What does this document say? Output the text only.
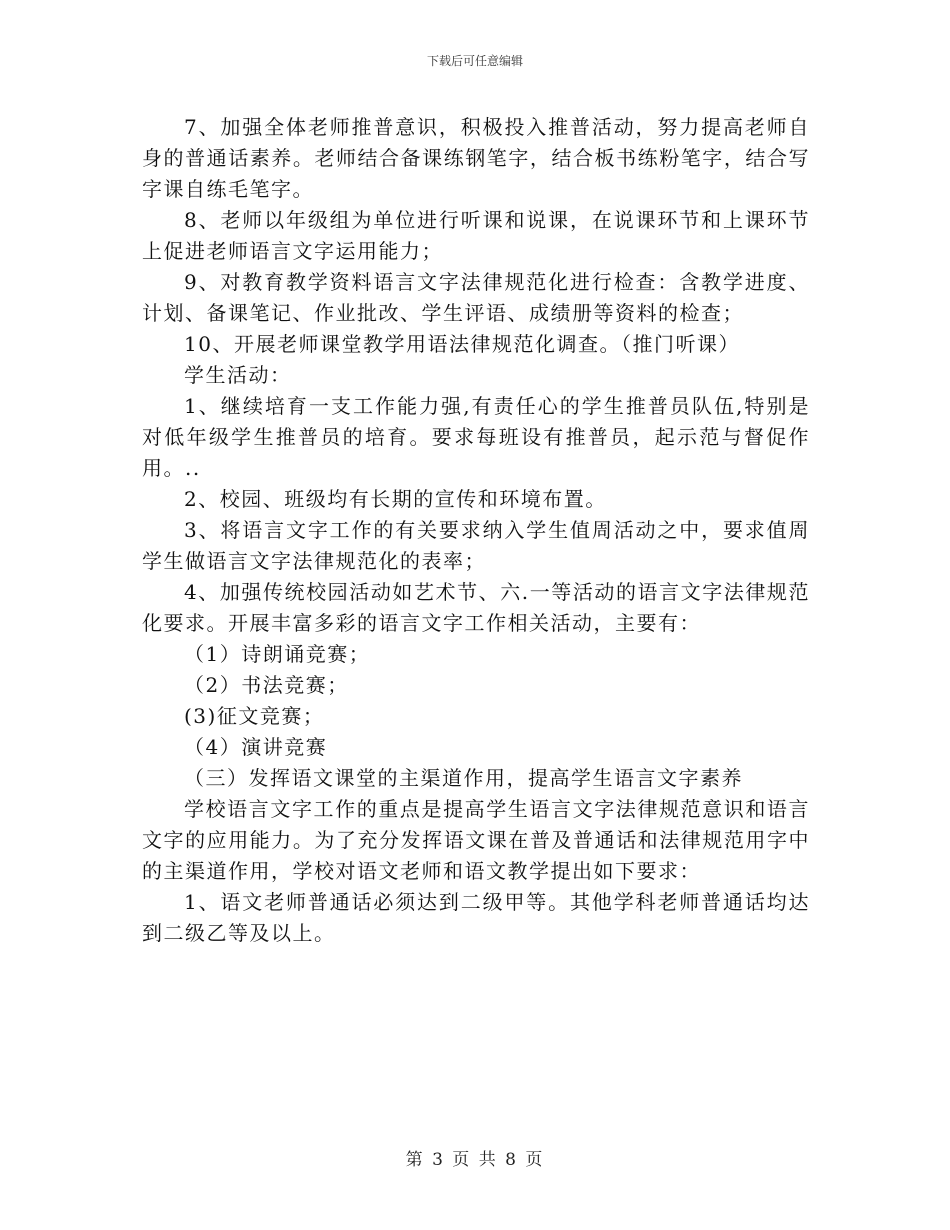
下载后可任意编辑

7、加强全体老师推普意识，积极投入推普活动，努力提高老师自身的普通话素养。老师结合备课练钢笔字，结合板书练粉笔字，结合写字课自练毛笔字。

8、老师以年级组为单位进行听课和说课，在说课环节和上课环节上促进老师语言文字运用能力；

9、对教育教学资料语言文字法律规范化进行检查：含教学进度、计划、备课笔记、作业批改、学生评语、成绩册等资料的检查；

10、开展老师课堂教学用语法律规范化调查。（推门听课）

学生活动：

1、继续培育一支工作能力强,有责任心的学生推普员队伍,特别是对低年级学生推普员的培育。要求每班设有推普员，起示范与督促作用。..

2、校园、班级均有长期的宣传和环境布置。

3、将语言文字工作的有关要求纳入学生值周活动之中，要求值周学生做语言文字法律规范化的表率；

4、加强传统校园活动如艺术节、六.一等活动的语言文字法律规范化要求。开展丰富多彩的语言文字工作相关活动，主要有：

（1）诗朗诵竞赛；

（2）书法竞赛；

(3)征文竞赛；

（4）演讲竞赛

（三）发挥语文课堂的主渠道作用，提高学生语言文字素养

学校语言文字工作的重点是提高学生语言文字法律规范意识和语言文字的应用能力。为了充分发挥语文课在普及普通话和法律规范用字中的主渠道作用，学校对语文老师和语文教学提出如下要求：

1、语文老师普通话必须达到二级甲等。其他学科老师普通话均达到二级乙等及以上。

第 3 页 共 8 页
